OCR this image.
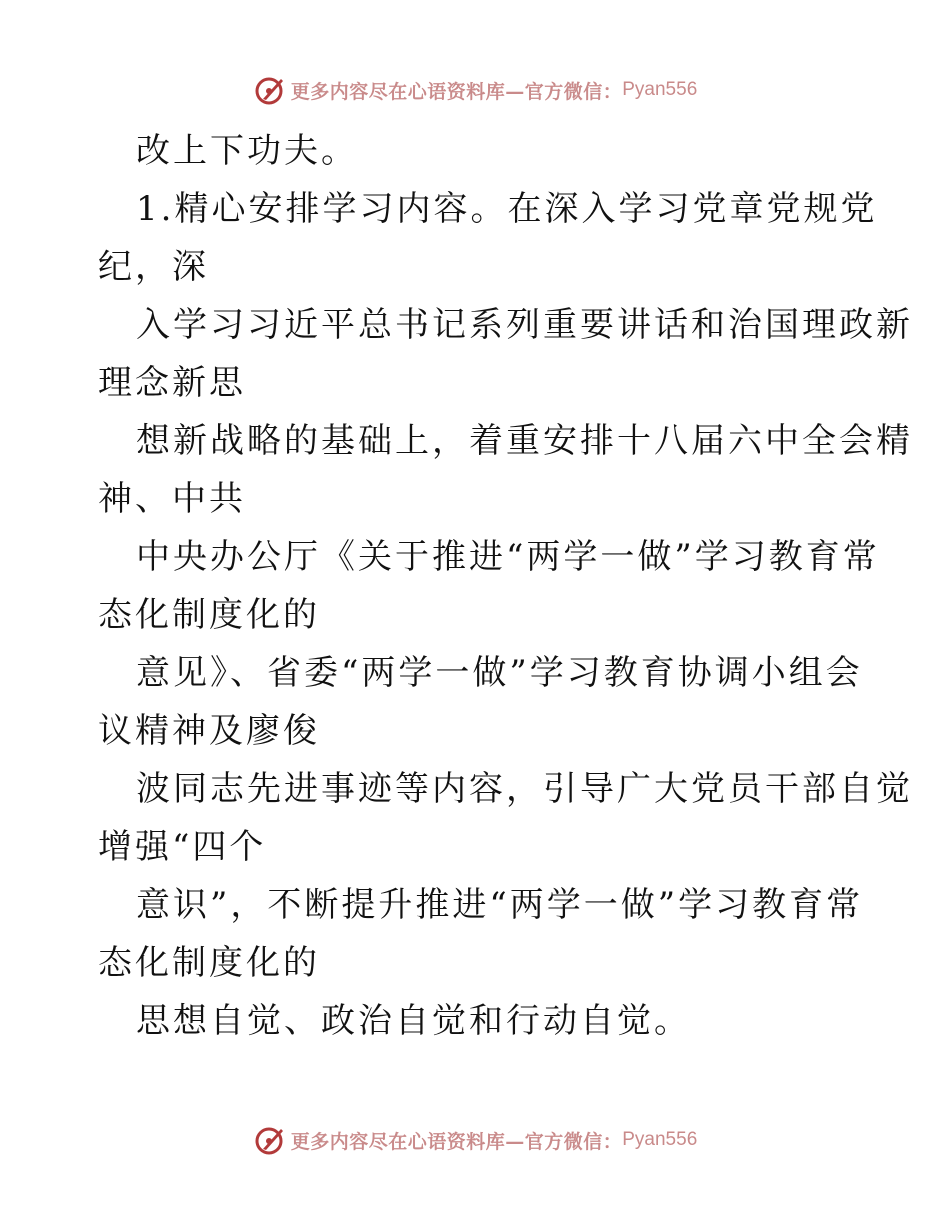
更多内容尽在心语资料库—官方微信： Pyan556
改上下功夫。
1.精心安排学习内容。在深入学习党章党规党
纪，深
入学习习近平总书记系列重要讲话和治国理政新
理念新思
想新战略的基础上，着重安排十八届六中全会精
神、中共
中央办公厅《关于推进“两学一做”学习教育常
态化制度化的
意见》、省委“两学一做”学习教育协调小组会
议精神及廖俊
波同志先进事迹等内容，引导广大党员干部自觉
增强“四个
意识”，不断提升推进“两学一做”学习教育常
态化制度化的
思想自觉、政治自觉和行动自觉。
更多内容尽在心语资料库—官方微信： Pyan556
